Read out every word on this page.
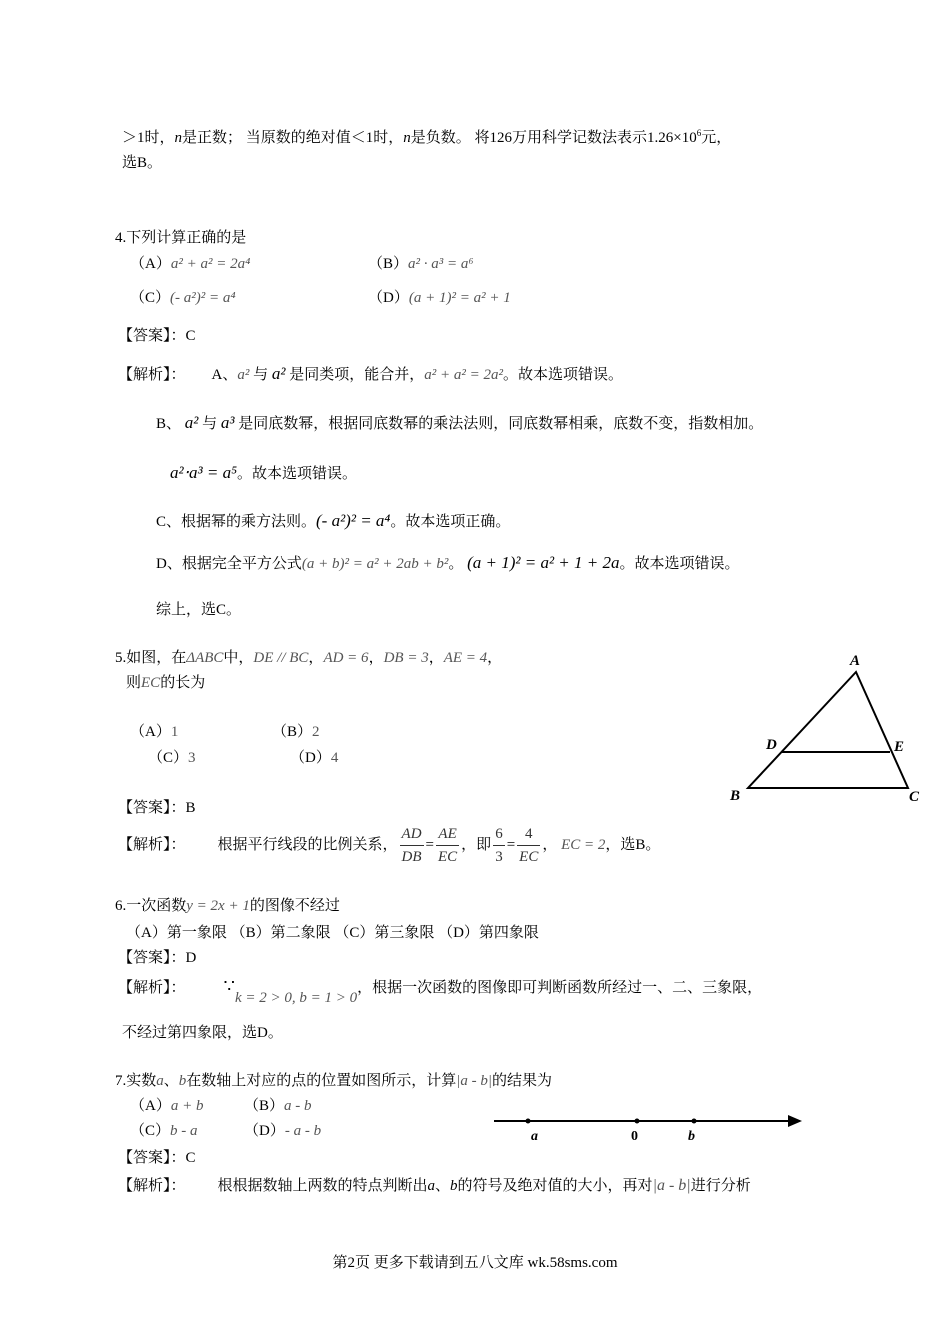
＞1时，n是正数； 当原数的绝对值＜1时，n是负数。 将126万用科学记数法表示$1.26\times 10^6$元，
选B。
4.下列计算正确的是
（A）a² + a² = 2a⁴	（B）a² · a³ = a⁶
（C）(- a²)² = a⁴	（D）(a + 1)² = a² + 1
【答案】：C
【解析】： A、a² 与 a² 是同类项，能合并，a² + a² = 2a²。故本选项错误。
B、 a² 与 a³ 是同底数幂，根据同底数幂的乘法法则，同底数幂相乘，底数不变，指数相加。
a²⋅a³ = a⁵。故本选项错误。
C、根据幂的乘方法则。(- a²)² = a⁴。故本选项正确。
D、根据完全平方公式(a + b)² = a² + 2ab + b²。 (a + 1)² = a² + 1 + 2a。故本选项错误。
综上，选C。
5.如图，在ΔABC中，DE // BC，AD = 6，DB = 3，AE = 4，
则EC的长为
（A）1	（B）2
（C）3	（D）4
A
B	C
D	E
【答案】：B
【解析】： 根据平行线段的比例关系， $\frac{AD}{DB} = \frac{AE}{EC}$ ，即 $\frac{6}{3} = \frac{4}{EC}$ ， EC = 2，选B。
6.一次函数y = 2x + 1的图像不经过
（A）第一象限 （B）第二象限 （C）第三象限 （D）第四象限
【答案】：D
【解析】： ∵k = 2 > 0, b = 1 > 0，根据一次函数的图像即可判断函数所经过一、二、三象限，
不经过第四象限，选D。
7.实数a、b在数轴上对应的点的位置如图所示，计算|a - b|的结果为
（A）a + b	（B）a - b
（C）b - a	（D）- a - b	a	0	b
【答案】：C
【解析】： 根根据数轴上两数的特点判断出a、b的符号及绝对值的大小，再对|a - b|进行分析
第2页 更多下载请到五八文库 wk.58sms.com
